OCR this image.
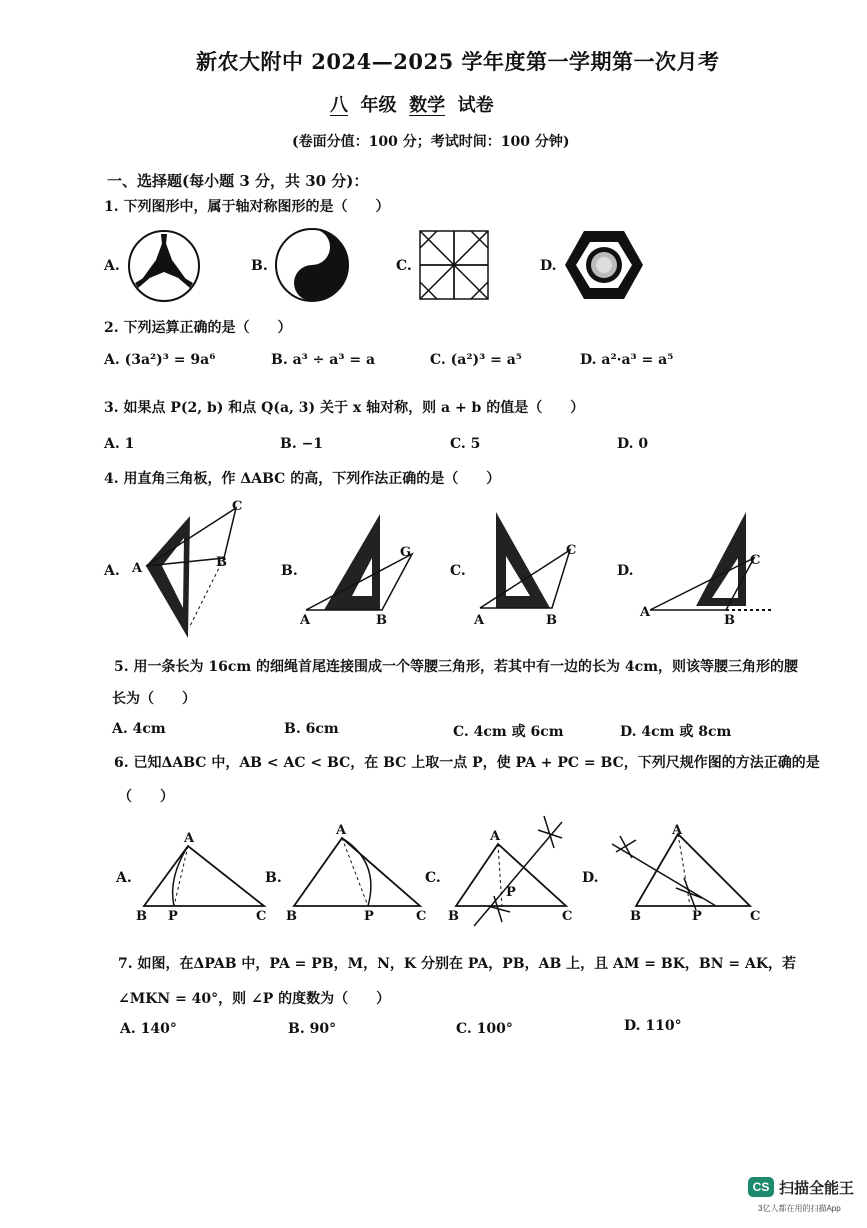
新农大附中 2024—2025 学年度第一学期第一次月考
八 年级 数学 试卷
(卷面分值：100 分；考试时间：100 分钟)
一、选择题(每小题 3 分，共 30 分)：
1. 下列图形中，属于轴对称图形的是（　　）
A.	B.	C.	D.
2. 下列运算正确的是（　　）
A. (3a²)³ = 9a⁶	B. a³ ÷ a³ = a	C. (a²)³ = a⁵	D. a²·a³ = a⁵
3. 如果点 P(2, b) 和点 Q(a, 3) 关于 x 轴对称，则 a + b 的值是（　　）
A. 1	B. −1	C. 5	D. 0
4. 用直角三角板，作 ΔABC 的高，下列作法正确的是（　　）
A.	B.	C.	D.
A
C
B
A	B
G
A	B
C
A
B
C
5. 用一条长为 16cm 的细绳首尾连接围成一个等腰三角形，若其中有一边的长为 4cm，则该等腰三角形的腰
长为（　　）
A. 4cm	B. 6cm	C. 4cm 或 6cm	D. 4cm 或 8cm
6. 已知ΔABC 中，AB < AC < BC，在 BC 上取一点 P，使 PA + PC = BC，下列尺规作图的方法正确的是
（　　）
A.	B.	C.	D.
B
A
P	C B
A
P	C B
A
P
C	B
A
P	C
7. 如图，在ΔPAB 中，PA = PB，M，N，K 分别在 PA，PB，AB 上，且 AM = BK，BN = AK，若
∠MKN = 40°，则 ∠P 的度数为（　　）
A. 140°	B. 90°	C. 100°	D. 110°
CS 扫描全能王
3亿人都在用的扫描App
